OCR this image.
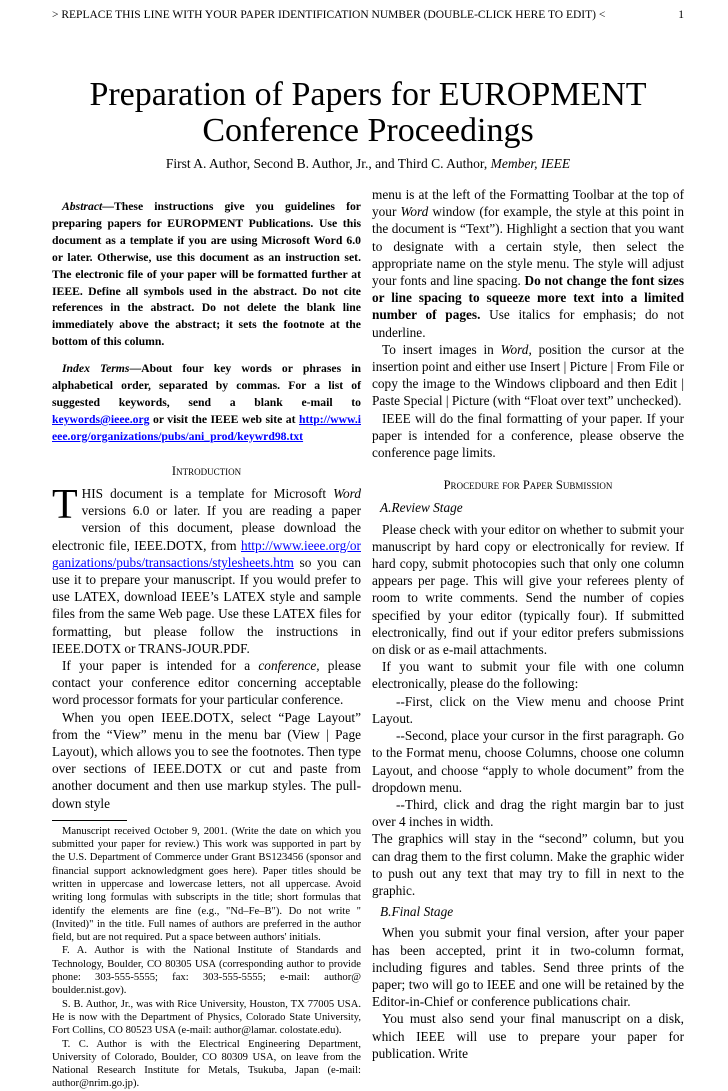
> REPLACE THIS LINE WITH YOUR PAPER IDENTIFICATION NUMBER (DOUBLE-CLICK HERE TO EDIT) <	1
Preparation of Papers for EUROPMENT Conference Proceedings
First A. Author, Second B. Author, Jr., and Third C. Author, Member, IEEE

Abstract—These instructions give you guidelines for preparing papers for EUROPMENT Publications. Use this document as a template if you are using Microsoft Word 6.0 or later. Otherwise, use this document as an instruction set. The electronic file of your paper will be formatted further at IEEE. Define all symbols used in the abstract. Do not cite references in the abstract. Do not delete the blank line immediately above the abstract; it sets the footnote at the bottom of this column.

Index Terms—About four key words or phrases in alphabetical order, separated by commas. For a list of suggested keywords, send a blank e-mail to keywords@ieee.org or visit the IEEE web site at http://www.ieee.org/organizations/pubs/ani_prod/keywrd98.txt

Introduction

THIS document is a template for Microsoft Word versions 6.0 or later. If you are reading a paper version of this document, please download the electronic file, IEEE.DOTX, from http://www.ieee.org/organizations/pubs/transactions/stylesheets.htm so you can use it to prepare your manuscript. If you would prefer to use LATEX, download IEEE’s LATEX style and sample files from the same Web page. Use these LATEX files for formatting, but please follow the instructions in IEEE.DOTX or TRANS-JOUR.PDF.

If your paper is intended for a conference, please contact your conference editor concerning acceptable word processor formats for your particular conference.

When you open IEEE.DOTX, select “Page Layout” from the “View” menu in the menu bar (View | Page Layout), which allows you to see the footnotes. Then type over sections of IEEE.DOTX or cut and paste from another document and then use markup styles. The pull-down style

Manuscript received October 9, 2001. (Write the date on which you submitted your paper for review.) This work was supported in part by the U.S. Department of Commerce under Grant BS123456 (sponsor and financial support acknowledgment goes here). Paper titles should be written in uppercase and lowercase letters, not all uppercase. Avoid writing long formulas with subscripts in the title; short formulas that identify the elements are fine (e.g., "Nd–Fe–B"). Do not write "(Invited)" in the title. Full names of authors are preferred in the author field, but are not required. Put a space between authors' initials.

F. A. Author is with the National Institute of Standards and Technology, Boulder, CO 80305 USA (corresponding author to provide phone: 303-555-5555; fax: 303-555-5555; e-mail: author@ boulder.nist.gov).

S. B. Author, Jr., was with Rice University, Houston, TX 77005 USA. He is now with the Department of Physics, Colorado State University, Fort Collins, CO 80523 USA (e-mail: author@lamar. colostate.edu).

T. C. Author is with the Electrical Engineering Department, University of Colorado, Boulder, CO 80309 USA, on leave from the National Research Institute for Metals, Tsukuba, Japan (e-mail: author@nrim.go.jp).

menu is at the left of the Formatting Toolbar at the top of your Word window (for example, the style at this point in the document is “Text”). Highlight a section that you want to designate with a certain style, then select the appropriate name on the style menu. The style will adjust your fonts and line spacing. Do not change the font sizes or line spacing to squeeze more text into a limited number of pages. Use italics for emphasis; do not underline.

To insert images in Word, position the cursor at the insertion point and either use Insert | Picture | From File or copy the image to the Windows clipboard and then Edit | Paste Special | Picture (with “Float over text” unchecked).

IEEE will do the final formatting of your paper. If your paper is intended for a conference, please observe the conference page limits.

Procedure for Paper Submission
A.Review Stage

Please check with your editor on whether to submit your manuscript by hard copy or electronically for review. If hard copy, submit photocopies such that only one column appears per page. This will give your referees plenty of room to write comments. Send the number of copies specified by your editor (typically four). If submitted electronically, find out if your editor prefers submissions on disk or as e-mail attachments.

If you want to submit your file with one column electronically, please do the following:

--First, click on the View menu and choose Print Layout.

--Second, place your cursor in the first paragraph. Go to the Format menu, choose Columns, choose one column Layout, and choose “apply to whole document” from the dropdown menu.

--Third, click and drag the right margin bar to just over 4 inches in width.

The graphics will stay in the “second” column, but you can drag them to the first column. Make the graphic wider to push out any text that may try to fill in next to the graphic.

B.Final Stage

When you submit your final version, after your paper has been accepted, print it in two-column format, including figures and tables. Send three prints of the paper; two will go to IEEE and one will be retained by the Editor-in-Chief or conference publications chair.

You must also send your final manuscript on a disk, which IEEE will use to prepare your paper for publication. Write
